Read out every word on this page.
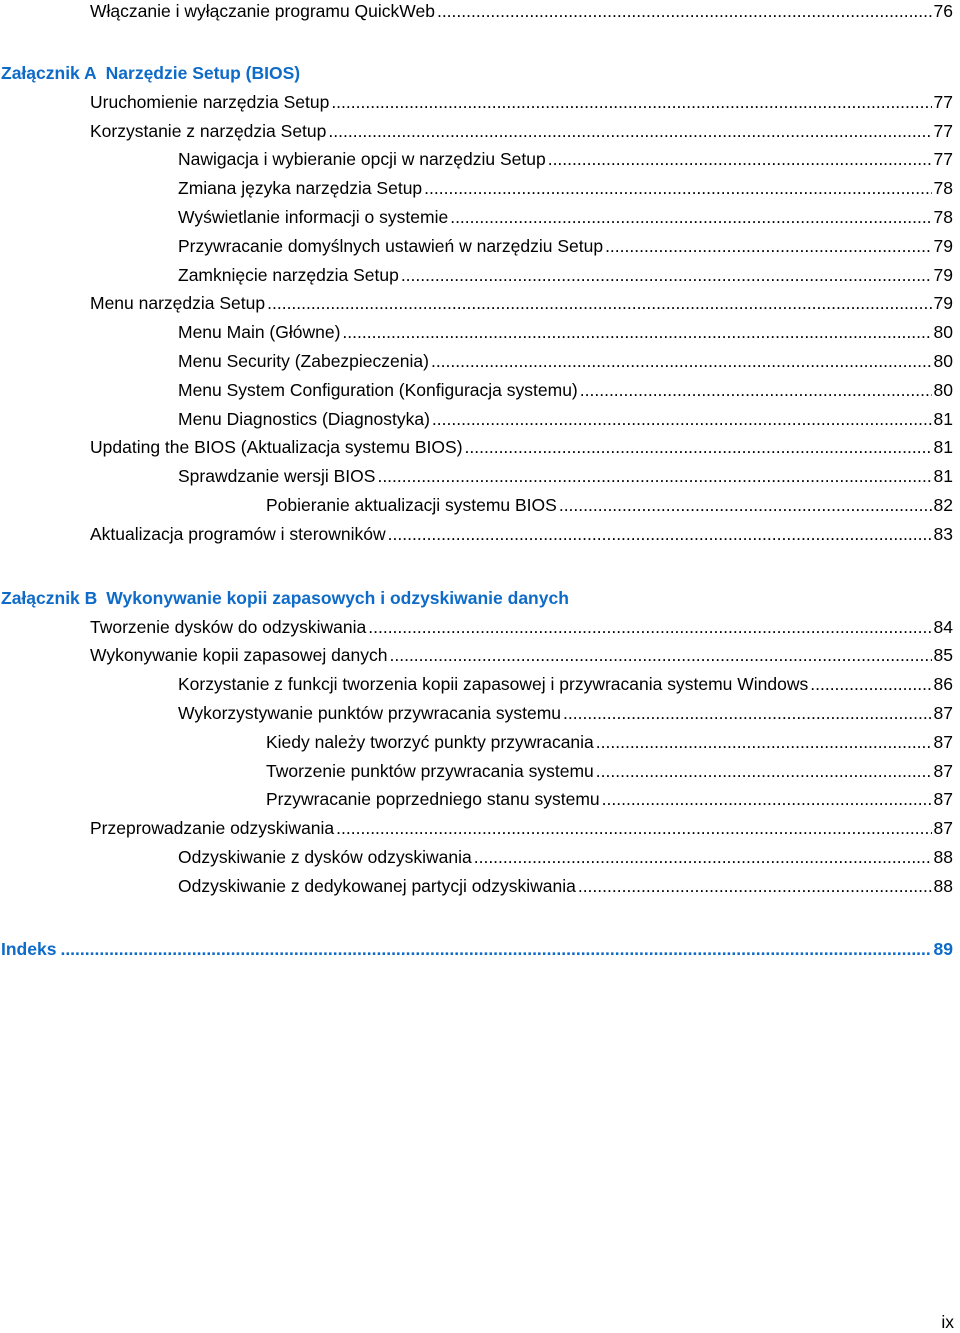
Włączanie i wyłączanie programu QuickWeb .....	76
Załącznik A Narzędzie Setup (BIOS)
Uruchomienie narzędzia Setup .....	77
Korzystanie z narzędzia Setup .....	77
Nawigacja i wybieranie opcji w narzędziu Setup .....	77
Zmiana języka narzędzia Setup .....	78
Wyświetlanie informacji o systemie .....	78
Przywracanie domyślnych ustawień w narzędziu Setup .....	79
Zamknięcie narzędzia Setup .....	79
Menu narzędzia Setup .....	79
Menu Main (Główne) .....	80
Menu Security (Zabezpieczenia) .....	80
Menu System Configuration (Konfiguracja systemu) .....	80
Menu Diagnostics (Diagnostyka) .....	81
Updating the BIOS (Aktualizacja systemu BIOS) .....	81
Sprawdzanie wersji BIOS .....	81
Pobieranie aktualizacji systemu BIOS .....	82
Aktualizacja programów i sterowników .....	83
Załącznik B Wykonywanie kopii zapasowych i odzyskiwanie danych
Tworzenie dysków do odzyskiwania .....	84
Wykonywanie kopii zapasowej danych .....	85
Korzystanie z funkcji tworzenia kopii zapasowej i przywracania systemu Windows .....	86
Wykorzystywanie punktów przywracania systemu .....	87
Kiedy należy tworzyć punkty przywracania .....	87
Tworzenie punktów przywracania systemu .....	87
Przywracanie poprzedniego stanu systemu .....	87
Przeprowadzanie odzyskiwania .....	87
Odzyskiwanie z dysków odzyskiwania .....	88
Odzyskiwanie z dedykowanej partycji odzyskiwania .....	88
Indeks .....	89
ix
